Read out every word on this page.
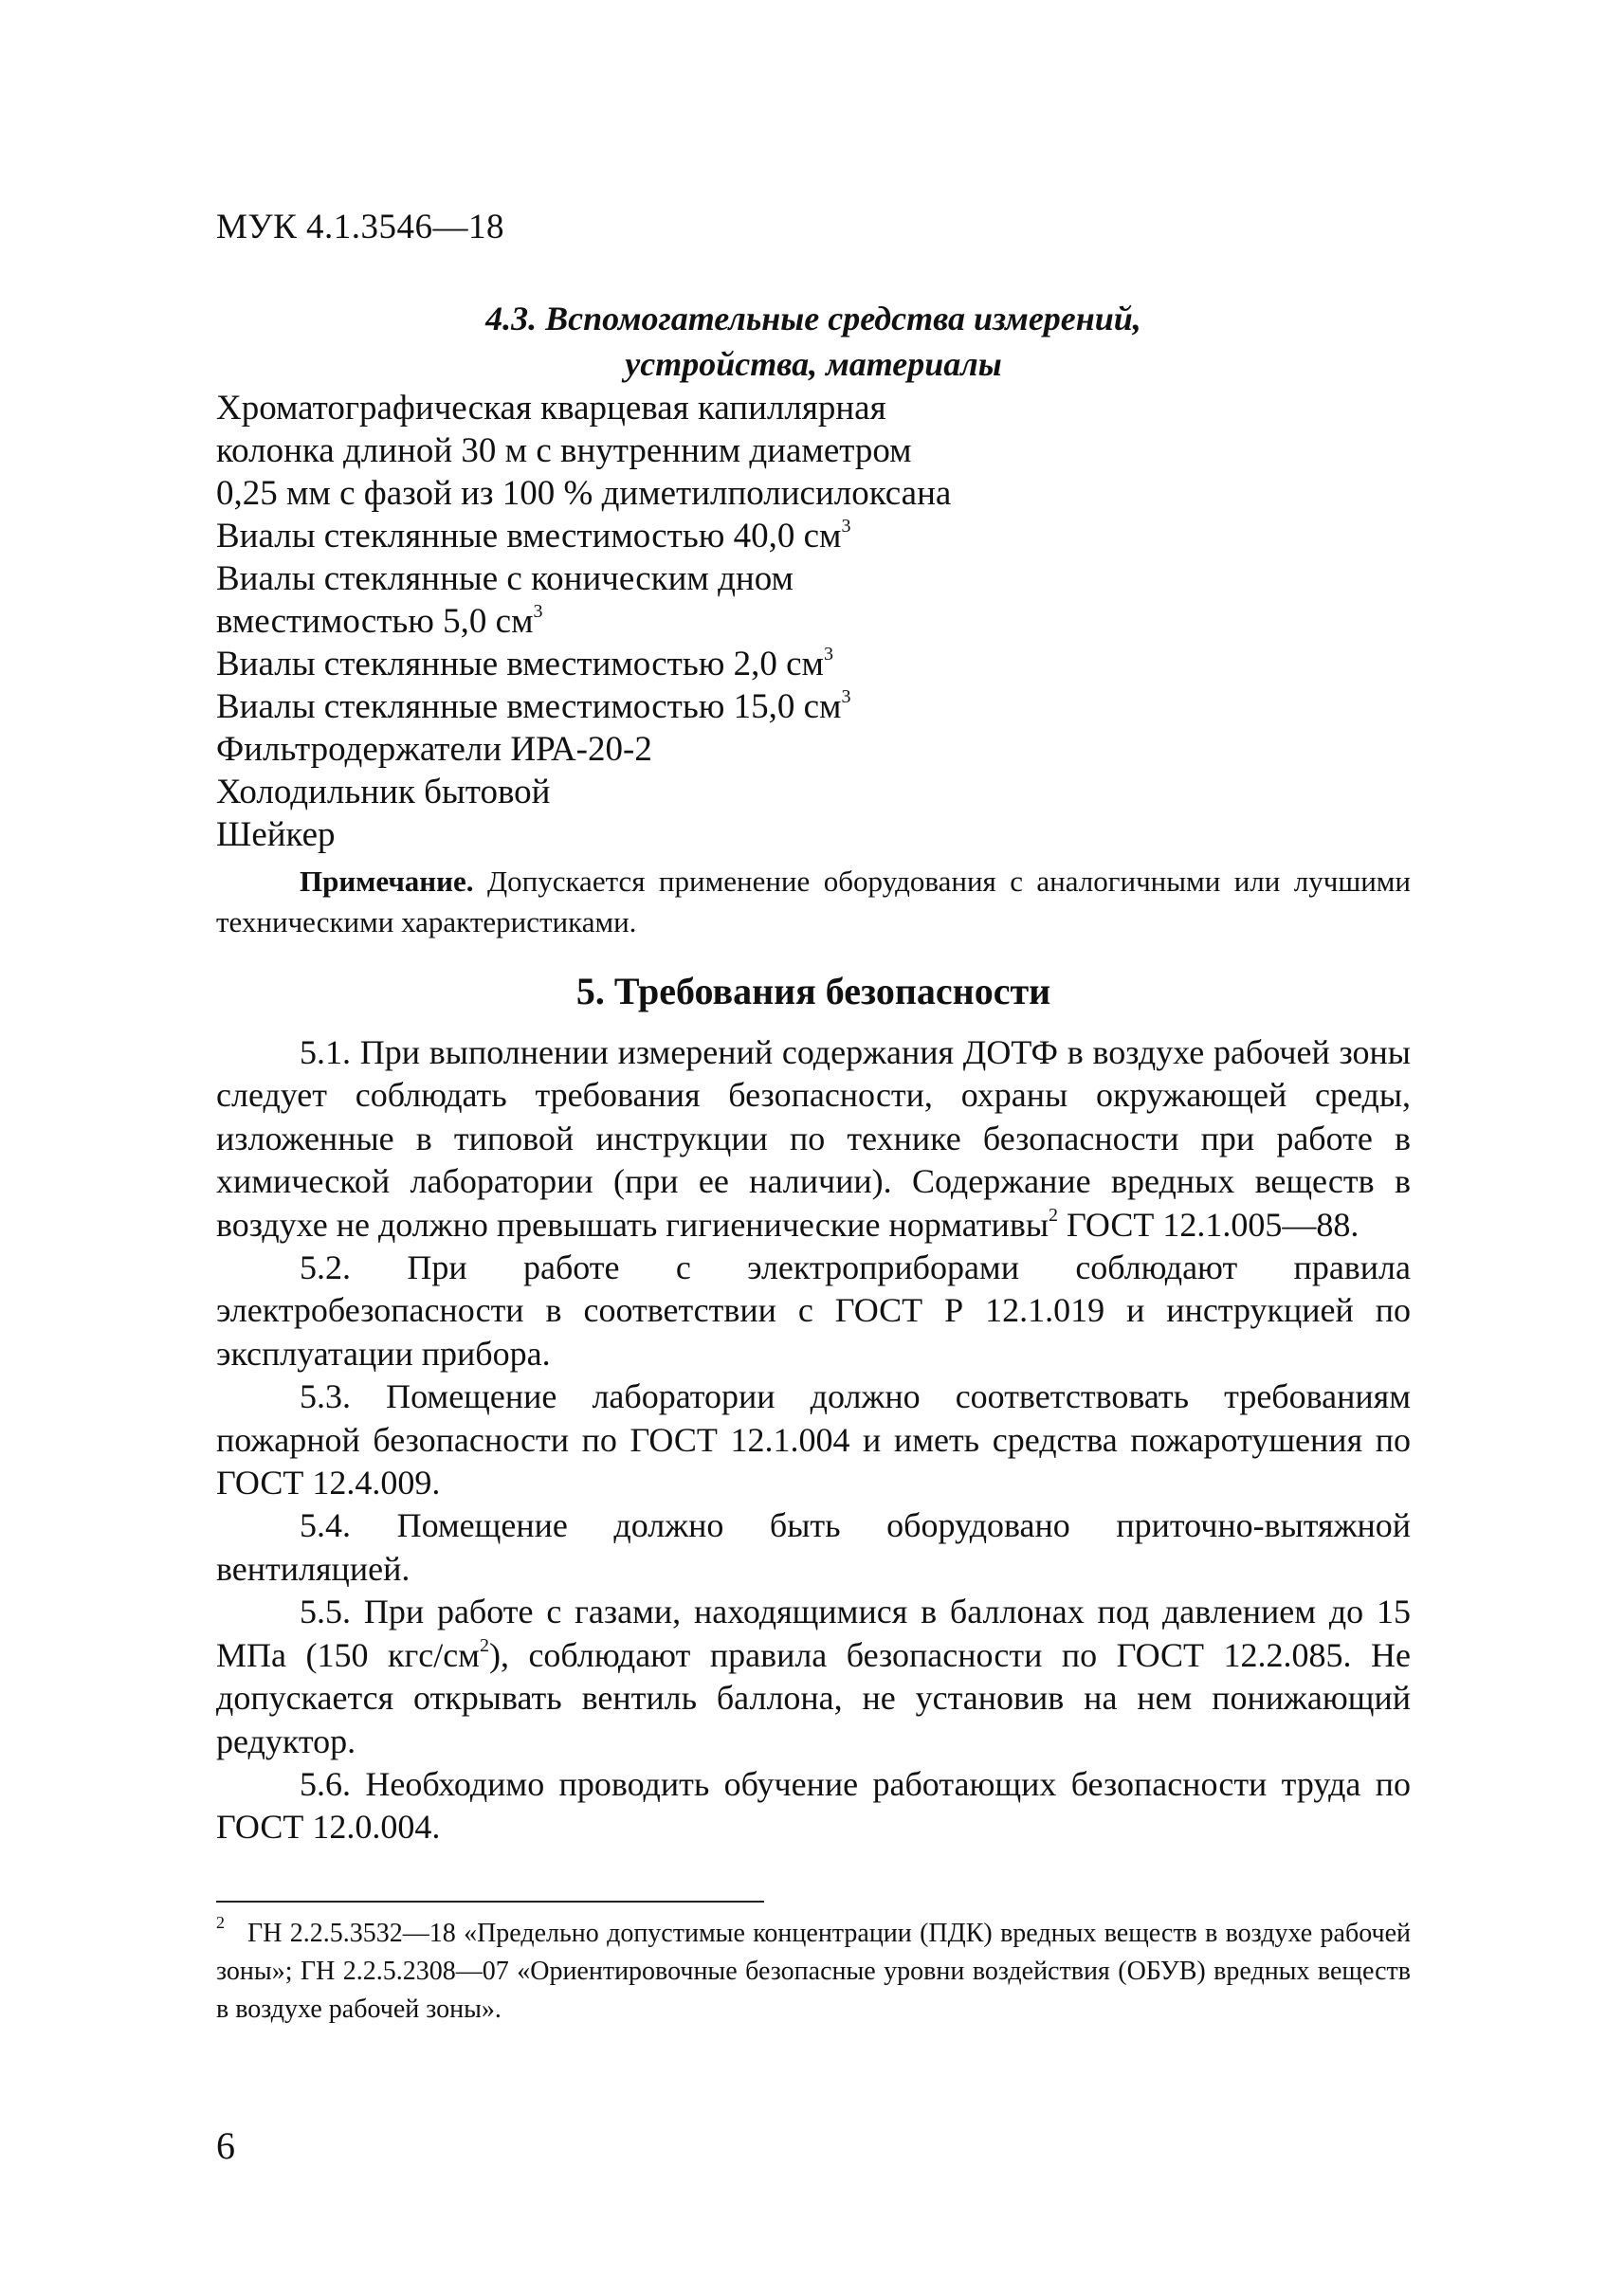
МУК 4.1.3546—18
4.3. Вспомогательные средства измерений,
устройства, материалы
Хроматографическая кварцевая капиллярная
колонка длиной 30 м с внутренним диаметром
0,25 мм с фазой из 100 % диметилполисилоксана
Виалы стеклянные вместимостью 40,0 $см^3$
Виалы стеклянные с коническим дном
вместимостью 5,0 $см^3$
Виалы стеклянные вместимостью 2,0 $см^3$
Виалы стеклянные вместимостью 15,0 $см^3$
Фильтродержатели ИРА-20-2
Холодильник бытовой
Шейкер
Примечание. Допускается применение оборудования с аналогичными или лучшими техническими характеристиками.
5. Требования безопасности

5.1. При выполнении измерений содержания ДОТФ в воздухе рабочей зоны следует соблюдать требования безопасности, охраны окружающей среды, изложенные в типовой инструкции по технике безопасности при работе в химической лаборатории (при ее наличии). Содержание вредных веществ в воздухе не должно превышать гигиенические нормативы$^2$ ГОСТ 12.1.005—88.

5.2. При работе с электроприборами соблюдают правила электробезопасности в соответствии с ГОСТ Р 12.1.019 и инструкцией по эксплуатации прибора.

5.3. Помещение лаборатории должно соответствовать требованиям пожарной безопасности по ГОСТ 12.1.004 и иметь средства пожаротушения по ГОСТ 12.4.009.

5.4. Помещение должно быть оборудовано приточно-вытяжной вентиляцией.

5.5. При работе с газами, находящимися в баллонах под давлением до 15 МПа (150 кгс/$см^2$), соблюдают правила безопасности по ГОСТ 12.2.085. Не допускается открывать вентиль баллона, не установив на нем понижающий редуктор.

5.6. Необходимо проводить обучение работающих безопасности труда по ГОСТ 12.0.004.

$^2$ ГН 2.2.5.3532—18 «Предельно допустимые концентрации (ПДК) вредных веществ в воздухе рабочей зоны»; ГН 2.2.5.2308—07 «Ориентировочные безопасные уровни воздействия (ОБУВ) вредных веществ в воздухе рабочей зоны».
6
